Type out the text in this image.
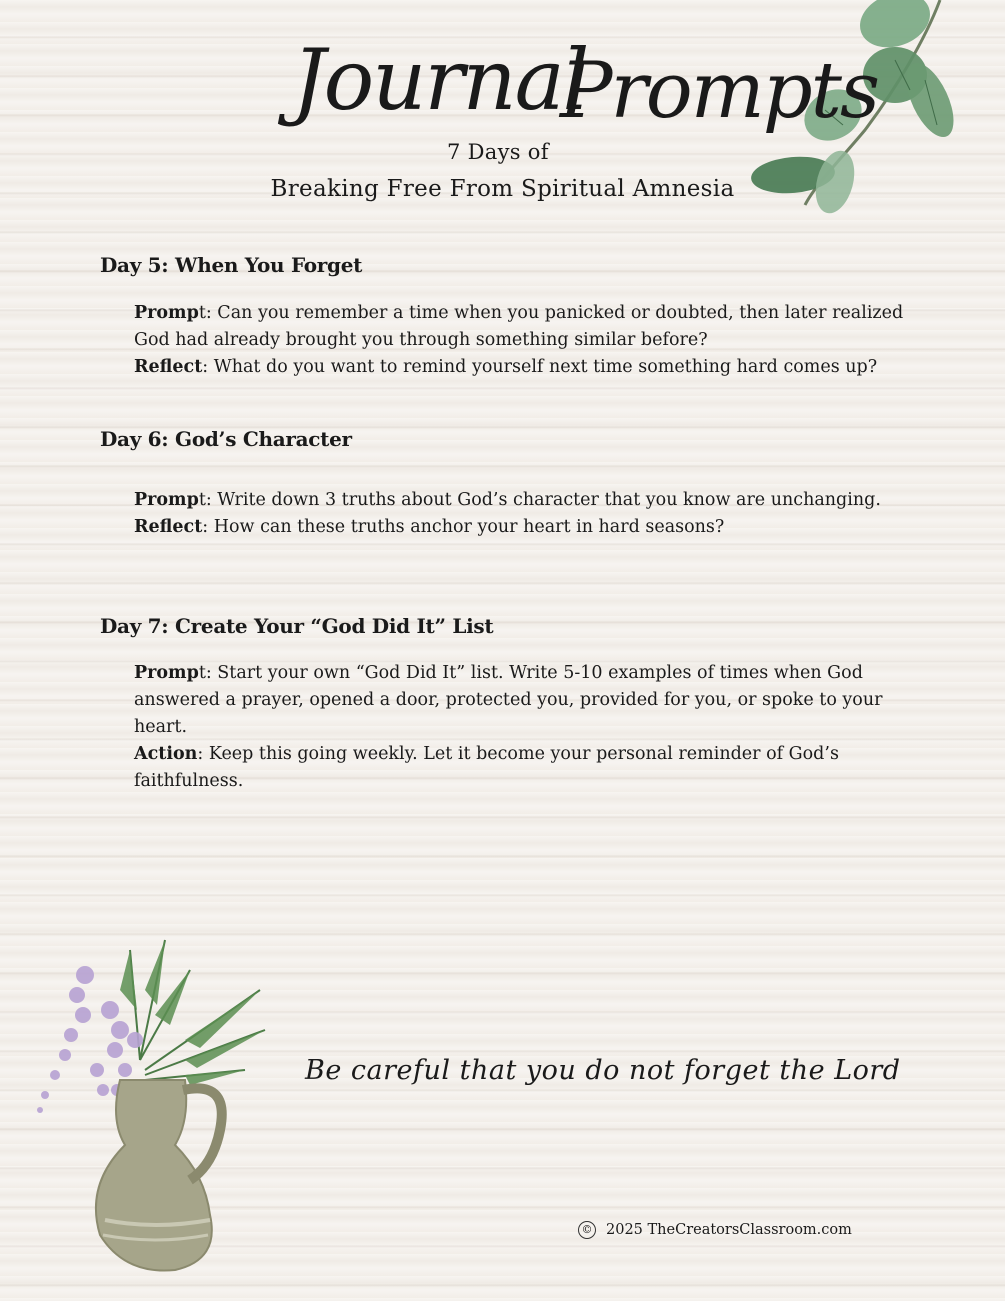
Journal
Prompts
7 Days of
Breaking Free From Spiritual Amnesia
Day 5: When You Forget

Prompt: Can you remember a time when you panicked or doubted, then later realized God had already brought you through something similar before?

Reflect: What do you want to remind yourself next time something hard comes up?

Day 6: God’s Character

Prompt: Write down 3 truths about God’s character that you know are unchanging.

Reflect: How can these truths anchor your heart in hard seasons?

Day 7: Create Your “God Did It” List

Prompt: Start your own “God Did It” list. Write 5-10 examples of times when God answered a prayer, opened a door, protected you, provided for you, or spoke to your heart.

Action: Keep this going weekly. Let it become your personal reminder of God’s faithfulness.

Be careful that you do not forget the Lord
© 2025 TheCreatorsClassroom.com
